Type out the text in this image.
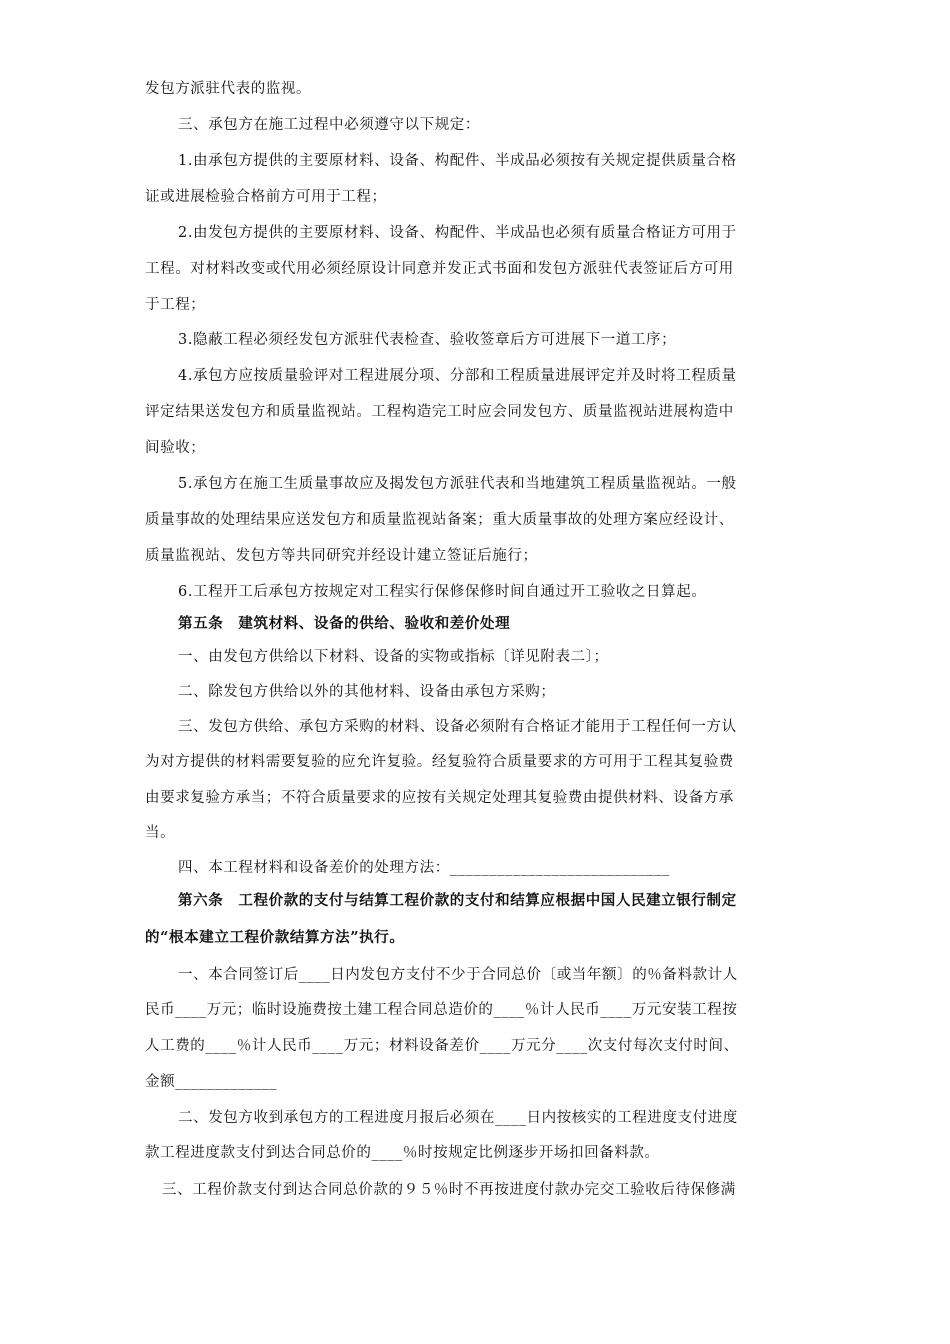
发包方派驻代表的监视。
三、承包方在施工过程中必须遵守以下规定：
1.由承包方提供的主要原材料、设备、构配件、半成品必须按有关规定提供质量合格
证或进展检验合格前方可用于工程；
2.由发包方提供的主要原材料、设备、构配件、半成品也必须有质量合格证方可用于
工程。对材料改变或代用必须经原设计同意并发正式书面和发包方派驻代表签证后方可用
于工程；
3.隐蔽工程必须经发包方派驻代表检查、验收签章后方可进展下一道工序；
4.承包方应按质量验评对工程进展分项、分部和工程质量进展评定并及时将工程质量
评定结果送发包方和质量监视站。工程构造完工时应会同发包方、质量监视站进展构造中
间验收；
5.承包方在施工生质量事故应及揭发包方派驻代表和当地建筑工程质量监视站。一般
质量事故的处理结果应送发包方和质量监视站备案；重大质量事故的处理方案应经设计、
质量监视站、发包方等共同研究并经设计建立签证后施行；
6.工程开工后承包方按规定对工程实行保修保修时间自通过开工验收之日算起。
第五条　建筑材料、设备的供给、验收和差价处理
一、由发包方供给以下材料、设备的实物或指标〔详见附表二〕；
二、除发包方供给以外的其他材料、设备由承包方采购；
三、发包方供给、承包方采购的材料、设备必须附有合格证才能用于工程任何一方认
为对方提供的材料需要复验的应允许复验。经复验符合质量要求的方可用于工程其复验费
由要求复验方承当；不符合质量要求的应按有关规定处理其复验费由提供材料、设备方承
当。
四、本工程材料和设备差价的处理方法：____________________________
第六条　工程价款的支付与结算工程价款的支付和结算应根据中国人民建立银行制定
的“根本建立工程价款结算方法”执行。
一、本合同签订后____日内发包方支付不少于合同总价〔或当年额〕的％备料款计人
民币____万元；临时设施费按土建工程合同总造价的____％计人民币____万元安装工程按
人工费的____％计人民币____万元；材料设备差价____万元分____次支付每次支付时间、
金额_____________
二、发包方收到承包方的工程进度月报后必须在____日内按核实的工程进度支付进度
款工程进度款支付到达合同总价的____％时按规定比例逐步开场扣回备料款。
三、工程价款支付到达合同总价款的９５％时不再按进度付款办完交工验收后待保修满
